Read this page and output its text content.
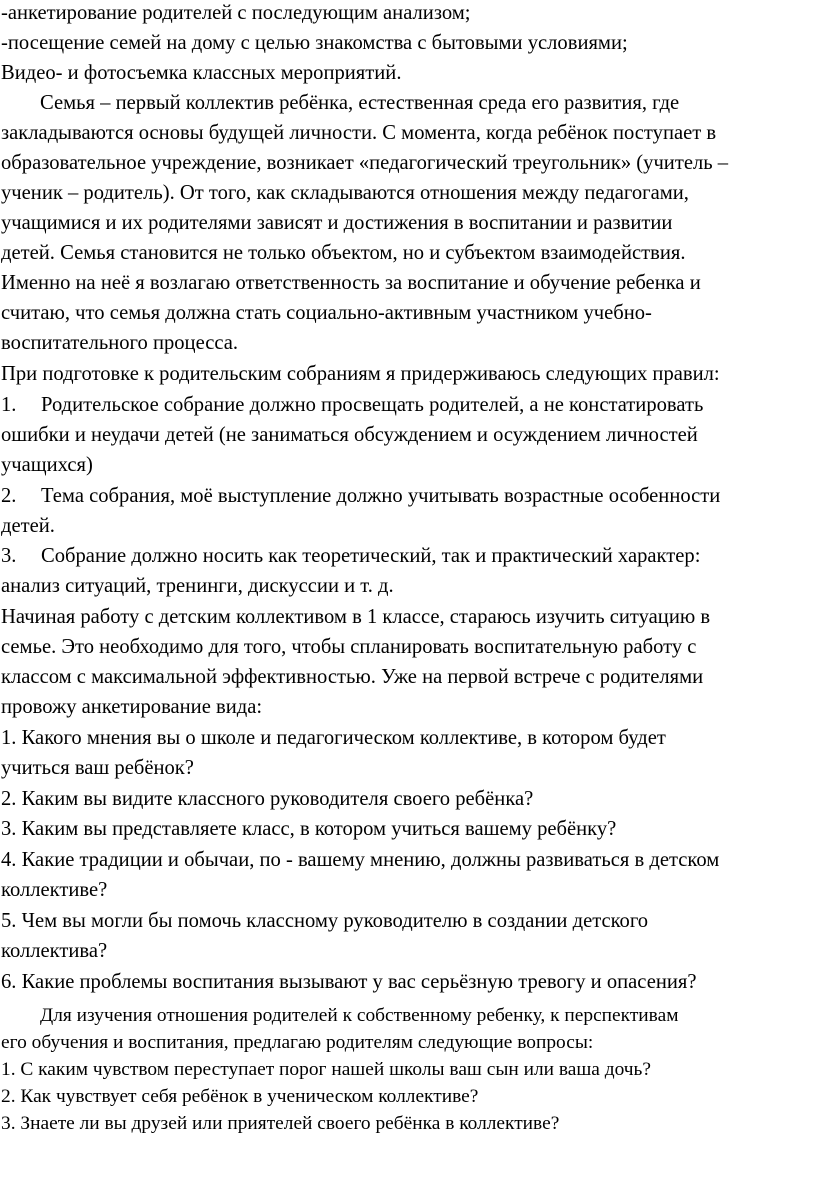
-анкетирование родителей с последующим анализом;
-посещение семей на дому с целью знакомства с бытовыми условиями;
Видео- и фотосъемка классных мероприятий.
Семья – первый коллектив ребёнка, естественная среда его развития, где
закладываются основы будущей личности. С момента, когда ребёнок поступает в
образовательное учреждение, возникает «педагогический треугольник» (учитель –
ученик – родитель). От того, как складываются отношения между педагогами,
учащимися и их родителями зависят и достижения в воспитании и развитии
детей. Семья становится не только объектом, но и субъектом взаимодействия.
Именно на неё я возлагаю ответственность за воспитание и обучение ребенка и
считаю, что семья должна стать социально-активным участником учебно-
воспитательного процесса.
При подготовке к родительским собраниям я придерживаюсь следующих правил:
1. Родительское собрание должно просвещать родителей, а не констатировать
ошибки и неудачи детей (не заниматься обсуждением и осуждением личностей
учащихся)
2. Тема собрания, моё выступление должно учитывать возрастные особенности
детей.
3. Собрание должно носить как теоретический, так и практический характер:
анализ ситуаций, тренинги, дискуссии и т. д.
Начиная работу с детским коллективом в 1 классе, стараюсь изучить ситуацию в
семье. Это необходимо для того, чтобы спланировать воспитательную работу с
классом с максимальной эффективностью. Уже на первой встрече с родителями
провожу анкетирование вида:
1. Какого мнения вы о школе и педагогическом коллективе, в котором будет
учиться ваш ребёнок?
2. Каким вы видите классного руководителя своего ребёнка?
3. Каким вы представляете класс, в котором учиться вашему ребёнку?
4. Какие традиции и обычаи, по - вашему мнению, должны развиваться в детском
коллективе?
5. Чем вы могли бы помочь классному руководителю в создании детского
коллектива?
6. Какие проблемы воспитания вызывают у вас серьёзную тревогу и опасения?
Для изучения отношения родителей к собственному ребенку, к перспективам
его обучения и воспитания, предлагаю родителям следующие вопросы:
1. С каким чувством переступает порог нашей школы ваш сын или ваша дочь?
2. Как чувствует себя ребёнок в ученическом коллективе?
3. Знаете ли вы друзей или приятелей своего ребёнка в коллективе?
